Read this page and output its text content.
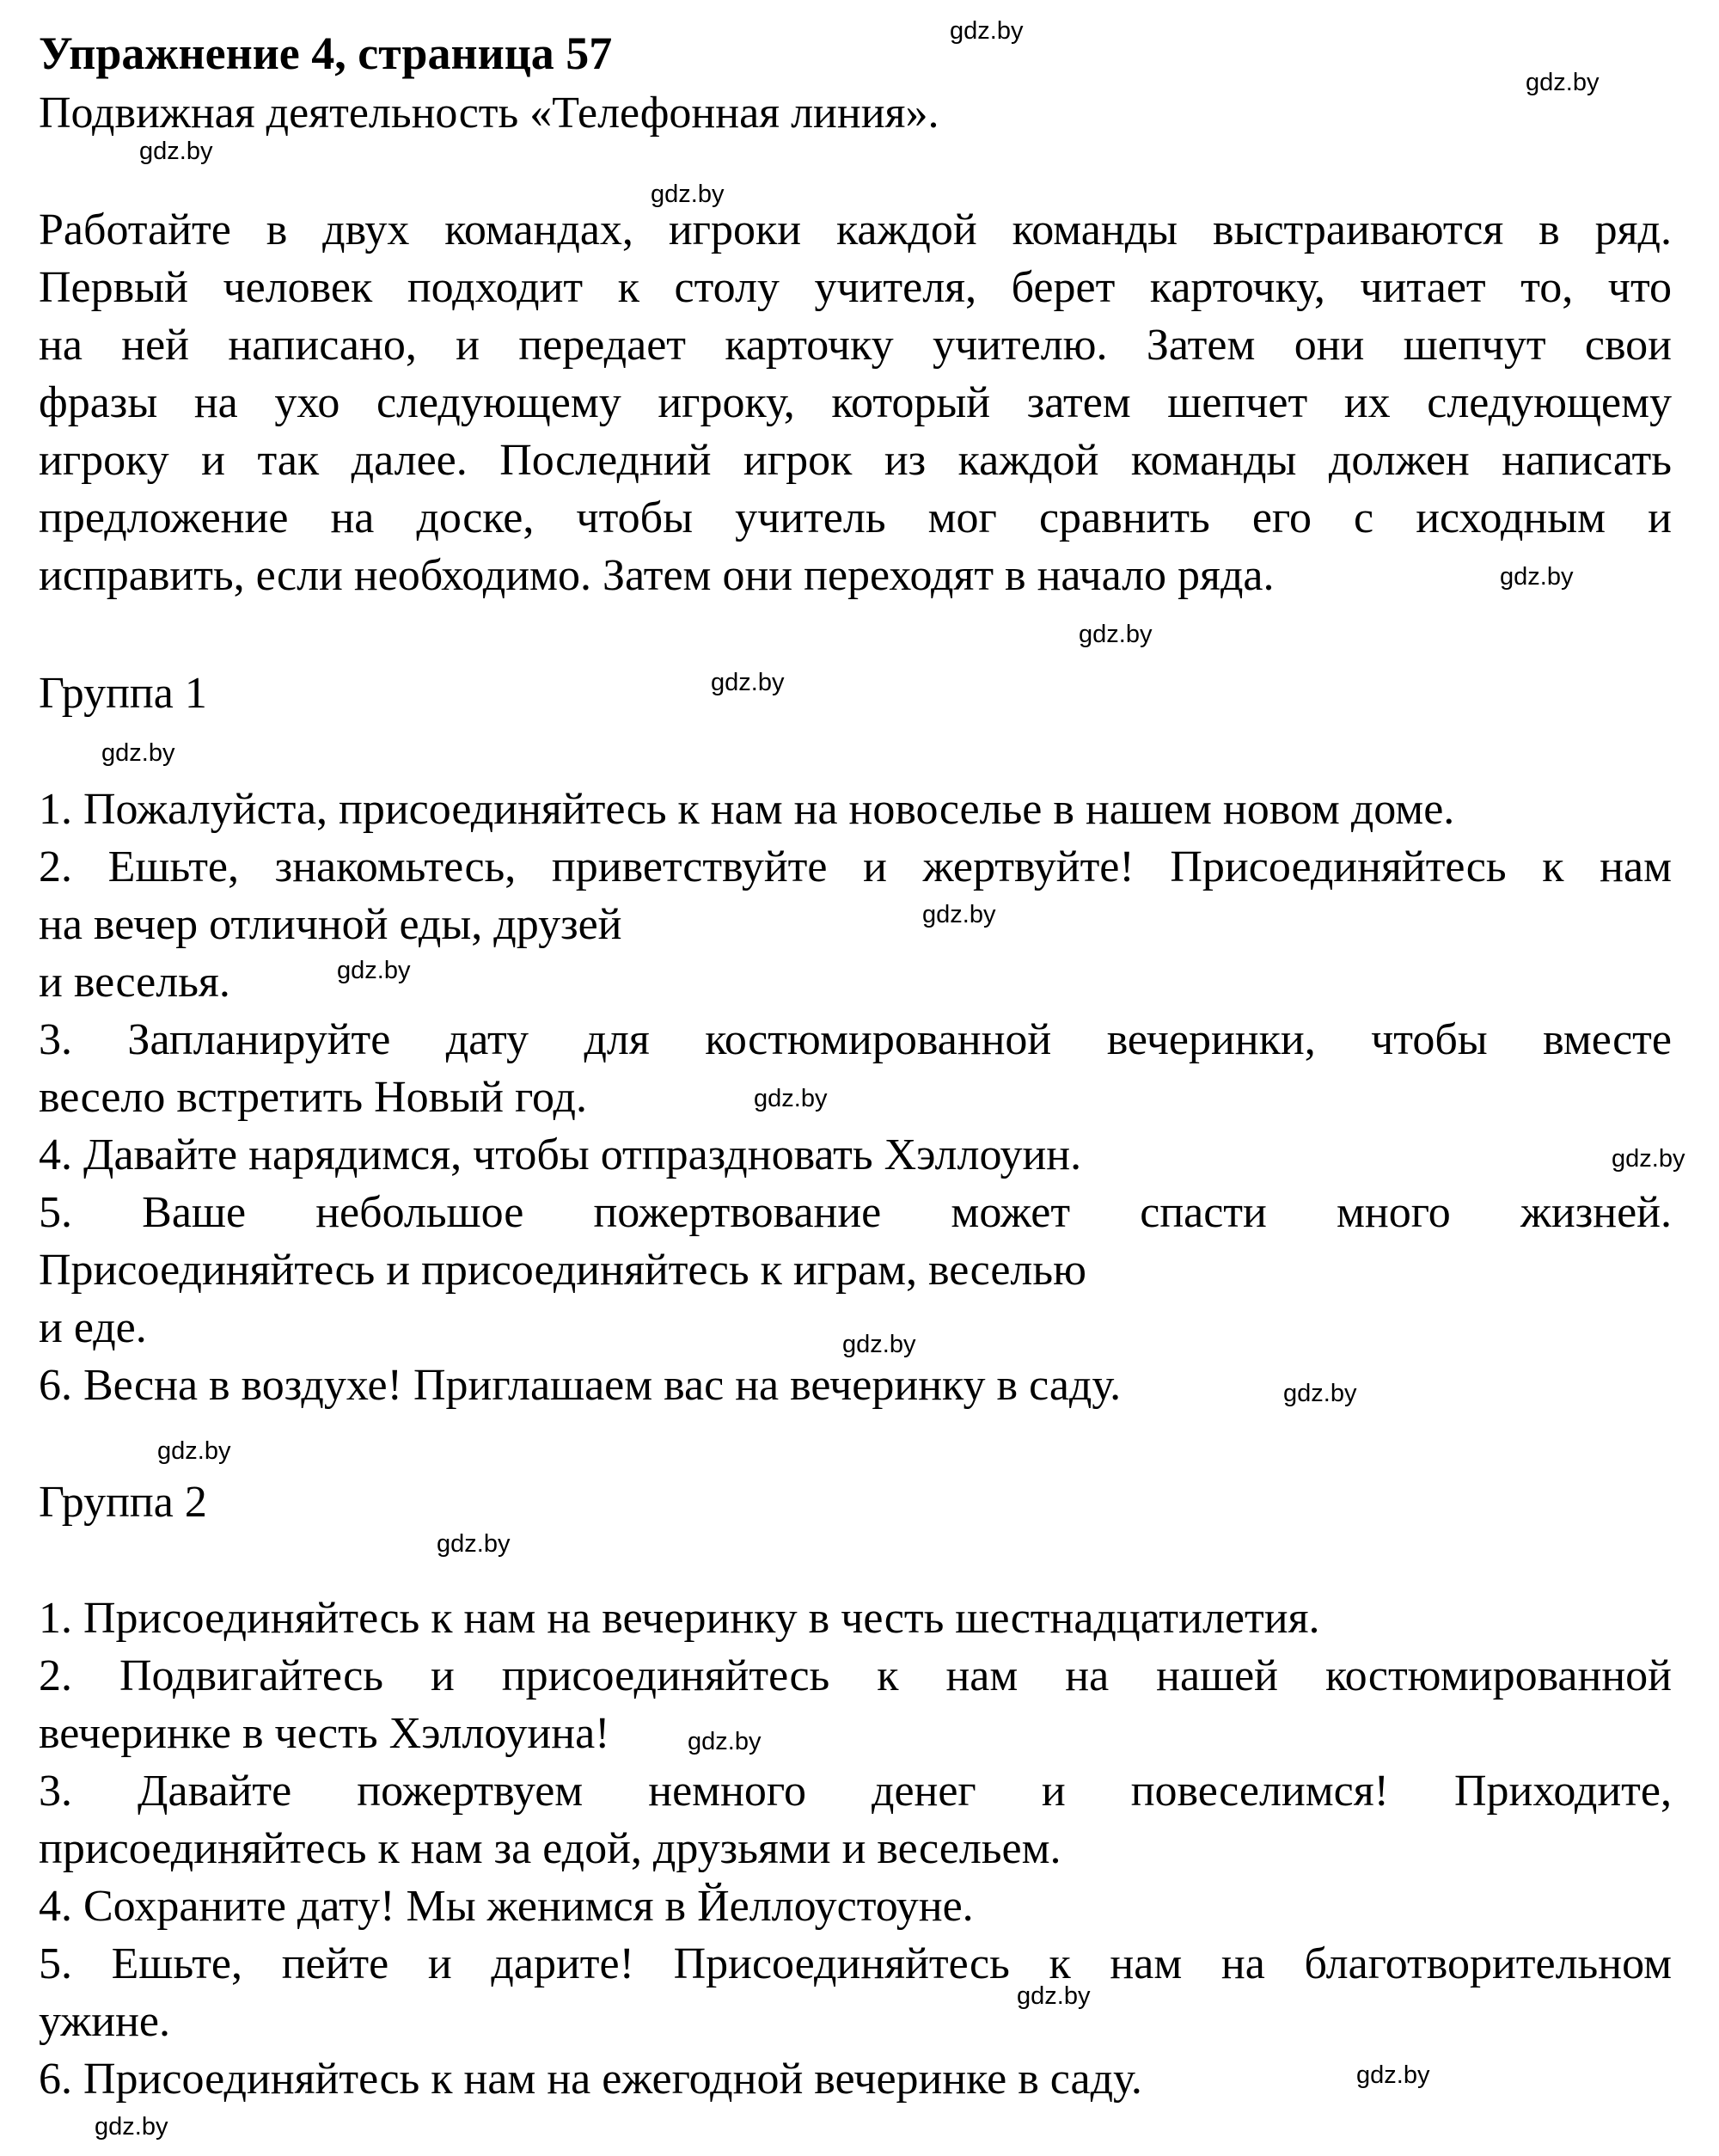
Упражнение 4, страница 57
Подвижная деятельность «Телефонная линия».
Работайте в двух командах, игроки каждой команды выстраиваются в ряд.
Первый человек подходит к столу учителя, берет карточку, читает то, что
на ней написано, и передает карточку учителю. Затем они шепчут свои
фразы на ухо следующему игроку, который затем шепчет их следующему
игроку и так далее. Последний игрок из каждой команды должен написать
предложение на доске, чтобы учитель мог сравнить его с исходным и
исправить, если необходимо. Затем они переходят в начало ряда.
Группа 1
1. Пожалуйста, присоединяйтесь к нам на новоселье в нашем новом доме.
2. Ешьте, знакомьтесь, приветствуйте и жертвуйте! Присоединяйтесь к нам
на вечер отличной еды, друзей
и веселья.
3. Запланируйте дату для костюмированной вечеринки, чтобы вместе
весело встретить Новый год.
4. Давайте нарядимся, чтобы отпраздновать Хэллоуин.
5. Ваше небольшое пожертвование может спасти много жизней.
Присоединяйтесь и присоединяйтесь к играм, веселью
и еде.
6. Весна в воздухе! Приглашаем вас на вечеринку в саду.
Группа 2
1. Присоединяйтесь к нам на вечеринку в честь шестнадцатилетия.
2. Подвигайтесь и присоединяйтесь к нам на нашей костюмированной
вечеринке в честь Хэллоуина!
3. Давайте пожертвуем немного денег и повеселимся! Приходите,
присоединяйтесь к нам за едой, друзьями и весельем.
4. Сохраните дату! Мы женимся в Йеллоустоуне.
5. Ешьте, пейте и дарите! Присоединяйтесь к нам на благотворительном
ужине.
6. Присоединяйтесь к нам на ежегодной вечеринке в саду.
gdz.by
gdz.by
gdz.by
gdz.by
gdz.by
gdz.by
gdz.by
gdz.by
gdz.by
gdz.by
gdz.by
gdz.by
gdz.by
gdz.by
gdz.by
gdz.by
gdz.by
gdz.by
gdz.by
gdz.by
